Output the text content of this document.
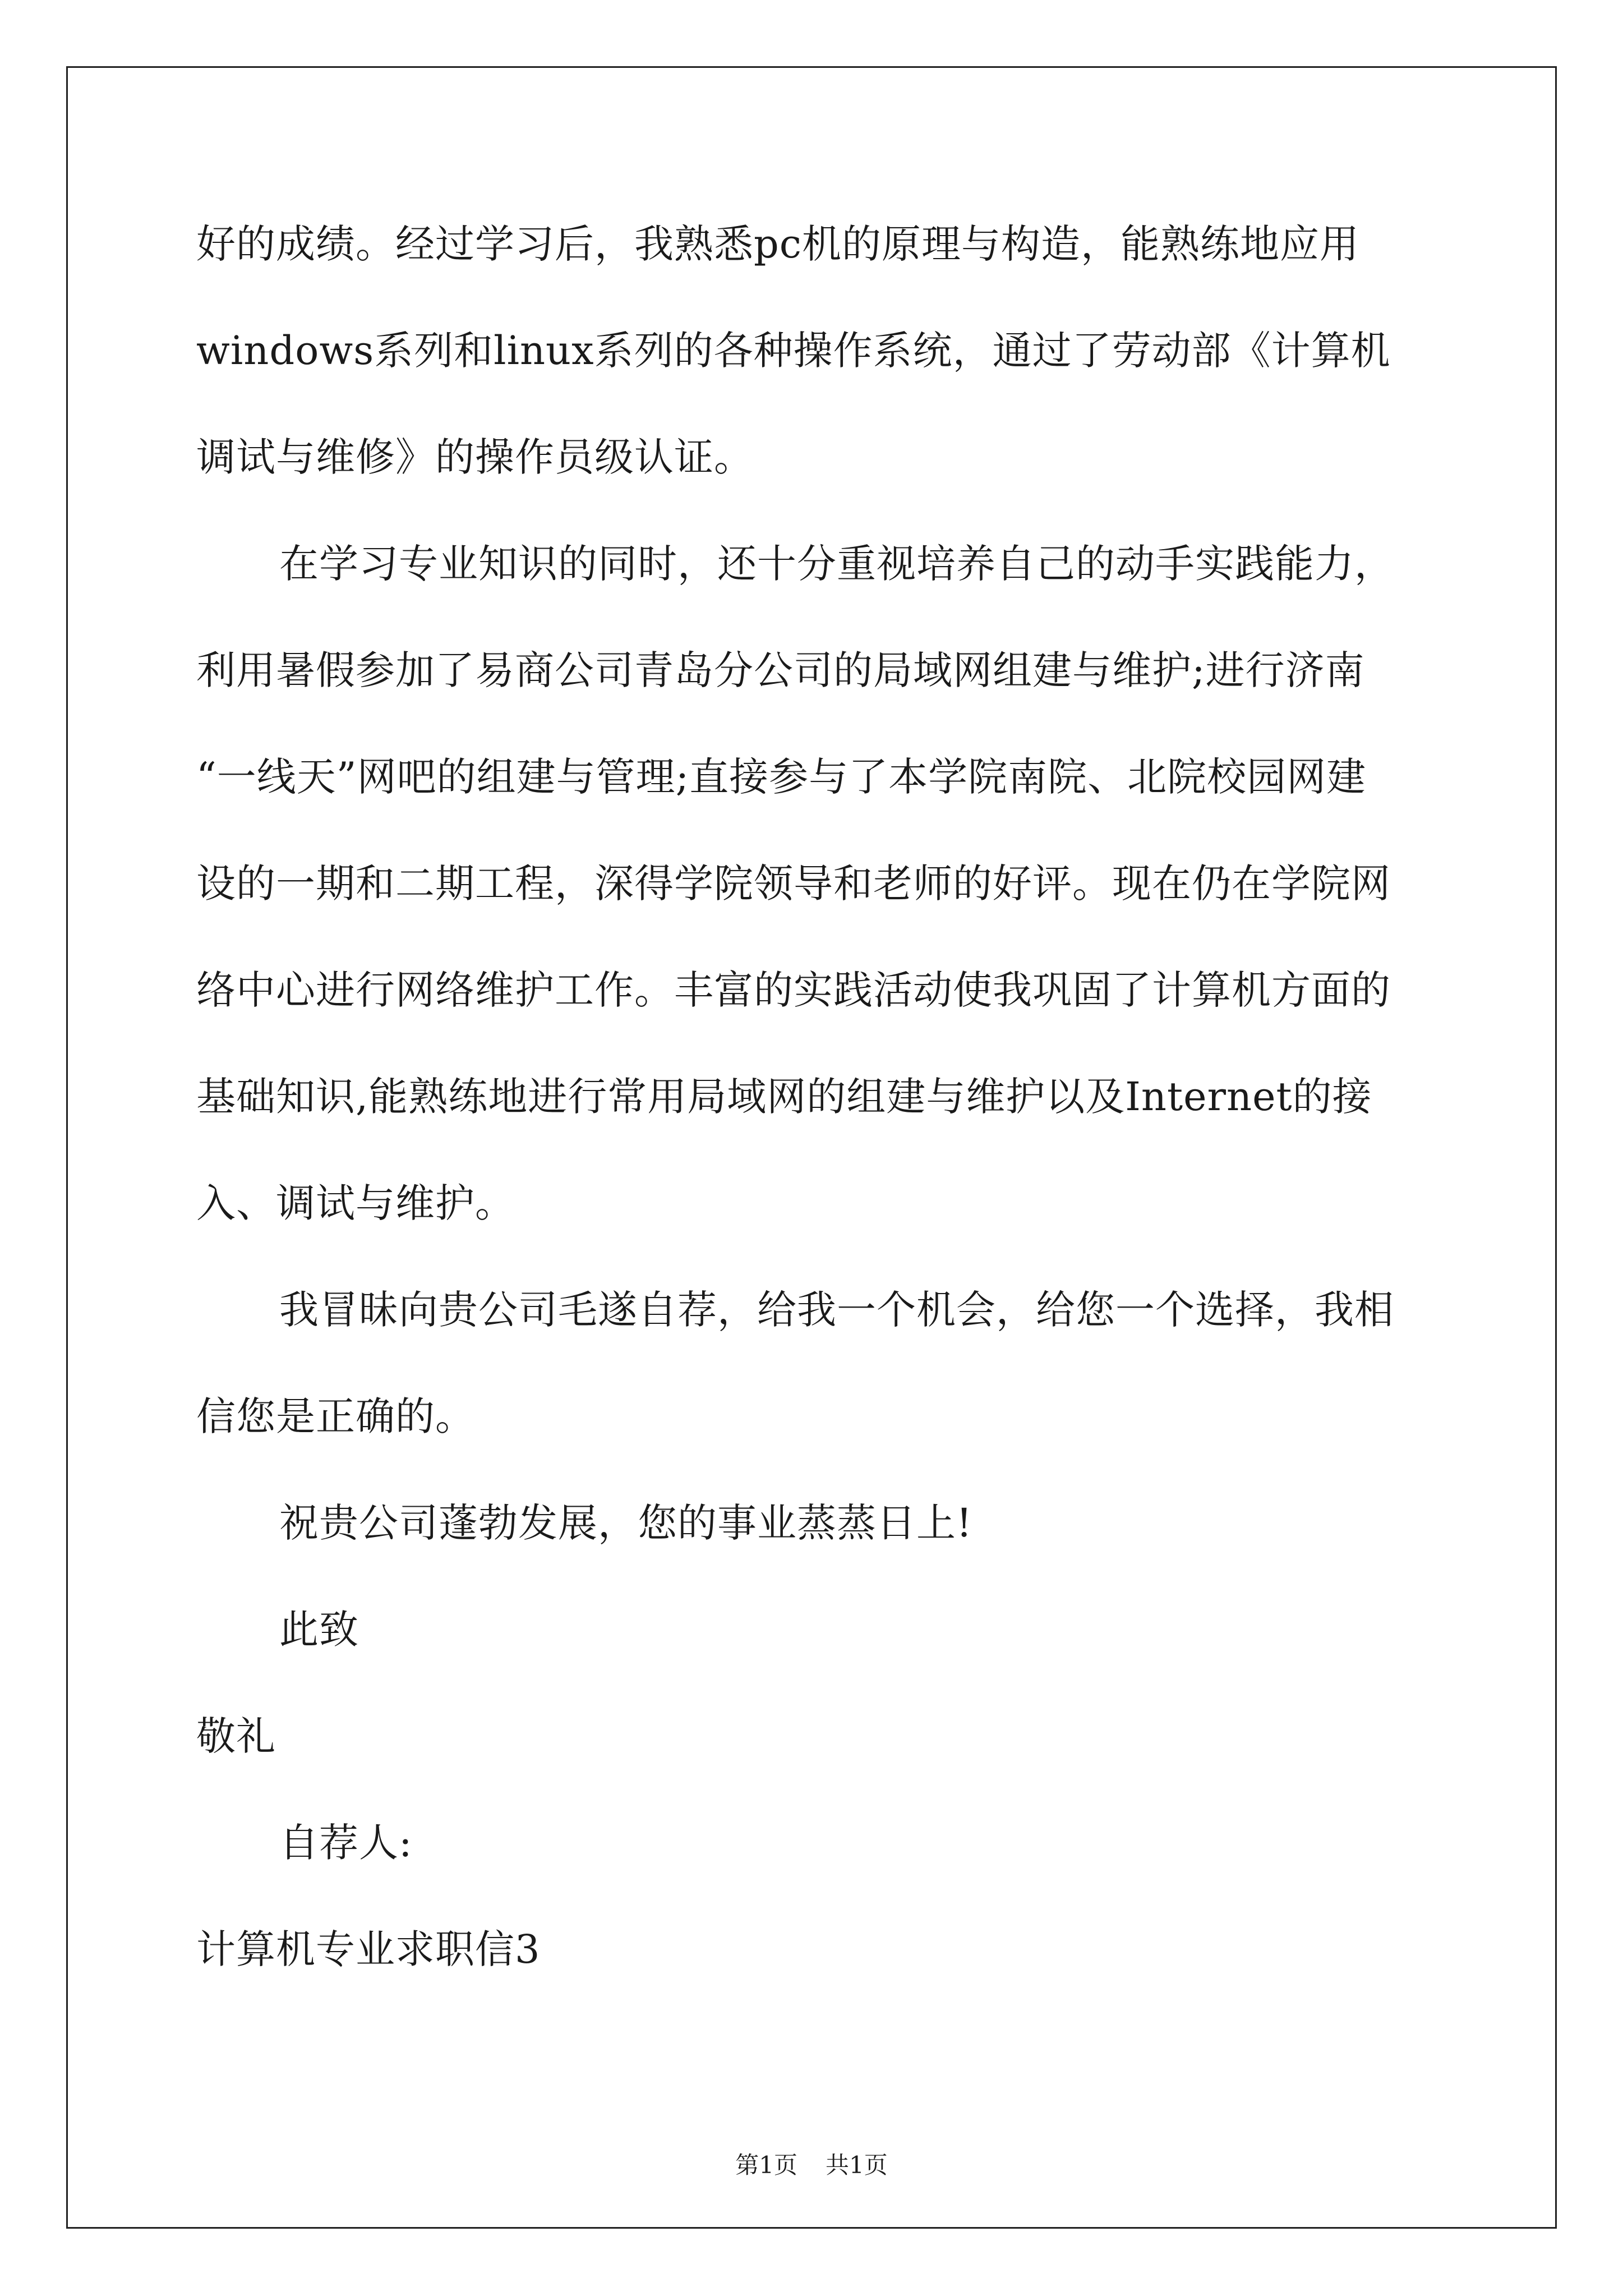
好的成绩。经过学习后，我熟悉pc机的原理与构造，能熟练地应用
windows系列和linux系列的各种操作系统，通过了劳动部《计算机
调试与维修》的操作员级认证。
在学习专业知识的同时，还十分重视培养自己的动手实践能力，
利用暑假参加了易商公司青岛分公司的局域网组建与维护;进行济南
“一线天”网吧的组建与管理;直接参与了本学院南院、北院校园网建
设的一期和二期工程，深得学院领导和老师的好评。现在仍在学院网
络中心进行网络维护工作。丰富的实践活动使我巩固了计算机方面的
基础知识,能熟练地进行常用局域网的组建与维护以及Internet的接
入、调试与维护。
我冒昧向贵公司毛遂自荐，给我一个机会，给您一个选择，我相
信您是正确的。
祝贵公司蓬勃发展，您的事业蒸蒸日上!
此致
敬礼
自荐人:
计算机专业求职信3
第1页 共1页
